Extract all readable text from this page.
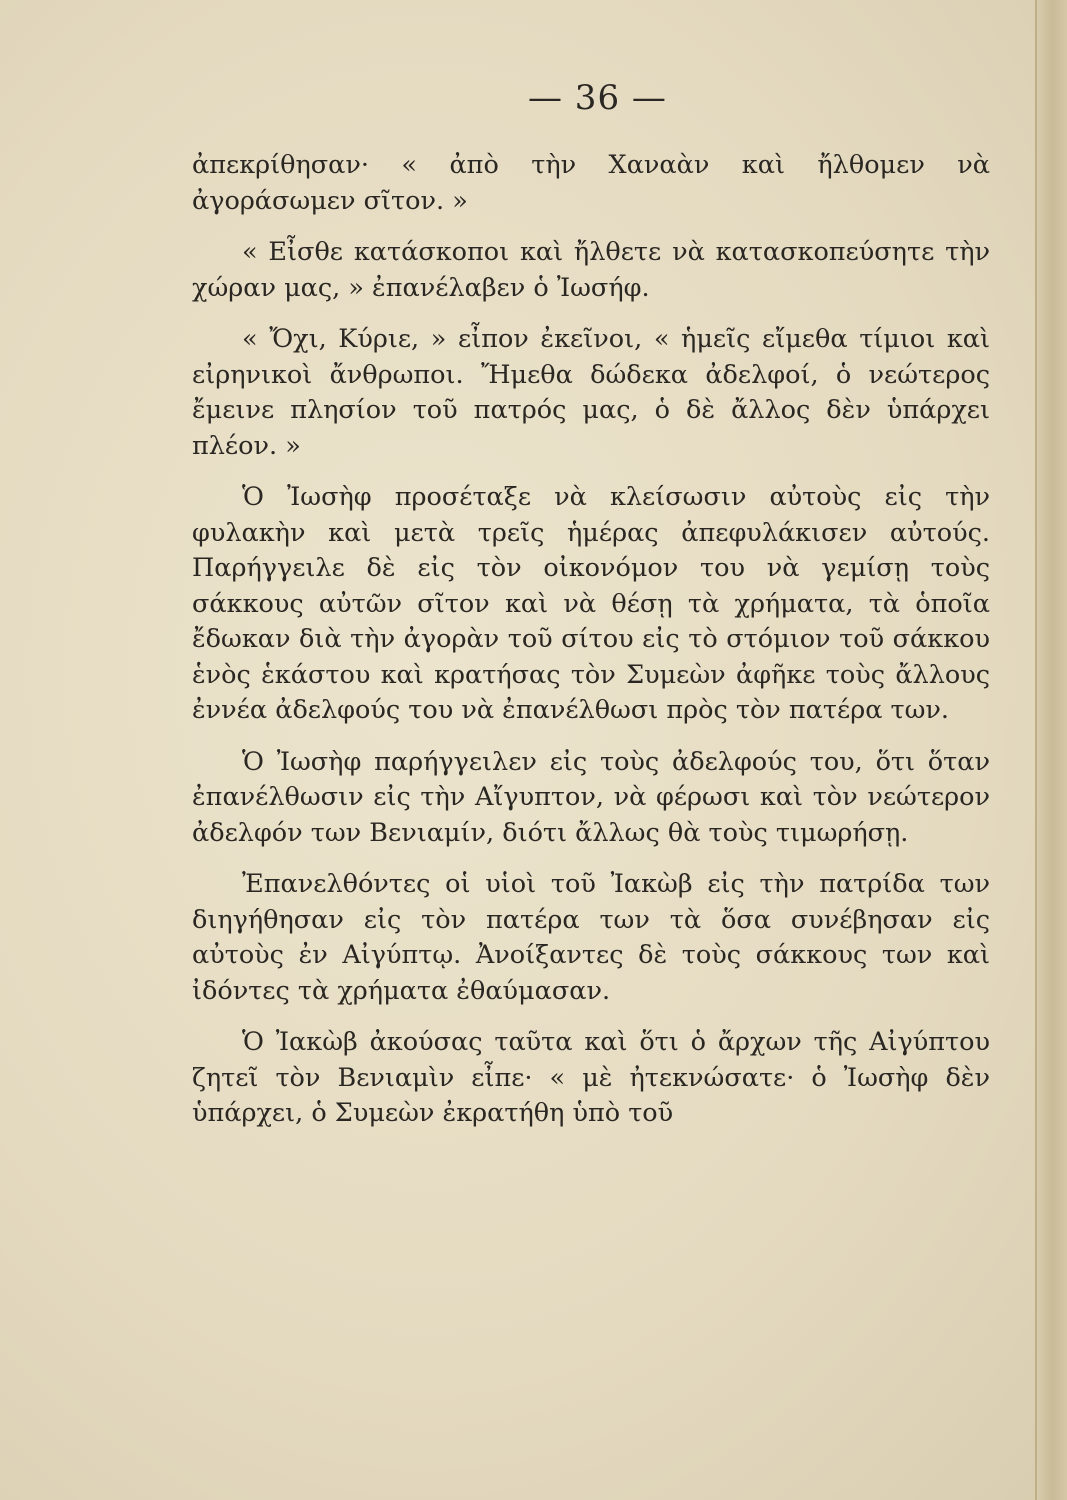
— 36 —

ἀπεκρίθησαν· « ἀπὸ τὴν Χαναὰν καὶ ἤλθομεν νὰ ἀγοράσωμεν σῖτον. »

« Εἶσθε κατάσκοποι καὶ ἤλθετε νὰ κατασκοπεύσητε τὴν χώραν μας, » ἐπανέλαβεν ὁ Ἰωσήφ.

« Ὄχι, Κύριε, » εἶπον ἐκεῖνοι, « ἡμεῖς εἴμεθα τίμιοι καὶ εἰρηνικοὶ ἄνθρωποι. Ἤμεθα δώδεκα ἀδελφοί, ὁ νεώτερος ἔμεινε πλησίον τοῦ πατρός μας, ὁ δὲ ἄλλος δὲν ὑπάρχει πλέον. »

Ὁ Ἰωσὴφ προσέταξε νὰ κλείσωσιν αὐτοὺς εἰς τὴν φυλακὴν καὶ μετὰ τρεῖς ἡμέρας ἀπεφυλάκισεν αὐτούς. Παρήγγειλε δὲ εἰς τὸν οἰκονόμον του νὰ γεμίσῃ τοὺς σάκκους αὐτῶν σῖτον καὶ νὰ θέσῃ τὰ χρήματα, τὰ ὁποῖα ἔδωκαν διὰ τὴν ἀγορὰν τοῦ σίτου εἰς τὸ στόμιον τοῦ σάκκου ἑνὸς ἑκάστου καὶ κρατήσας τὸν Συμεὼν ἀφῆκε τοὺς ἄλλους ἐννέα ἀδελφούς του νὰ ἐπανέλθωσι πρὸς τὸν πατέρα των.

Ὁ Ἰωσὴφ παρήγγειλεν εἰς τοὺς ἀδελφούς του, ὅτι ὅταν ἐπανέλθωσιν εἰς τὴν Αἴγυπτον, νὰ φέρωσι καὶ τὸν νεώτερον ἀδελφόν των Βενιαμίν, διότι ἄλλως θὰ τοὺς τιμωρήσῃ.

Ἐπανελθόντες οἱ υἱοὶ τοῦ Ἰακὼβ εἰς τὴν πατρίδα των διηγήθησαν εἰς τὸν πατέρα των τὰ ὅσα συνέβησαν εἰς αὐτοὺς ἐν Αἰγύπτῳ. Ἀνοίξαντες δὲ τοὺς σάκκους των καὶ ἰδόντες τὰ χρήματα ἐθαύμασαν.

Ὁ Ἰακὼβ ἀκούσας ταῦτα καὶ ὅτι ὁ ἄρχων τῆς Αἰγύπτου ζητεῖ τὸν Βενιαμὶν εἶπε· « μὲ ἠτεκνώσατε· ὁ Ἰωσὴφ δὲν ὑπάρχει, ὁ Συμεὼν ἐκρατήθη ὑπὸ τοῦ
